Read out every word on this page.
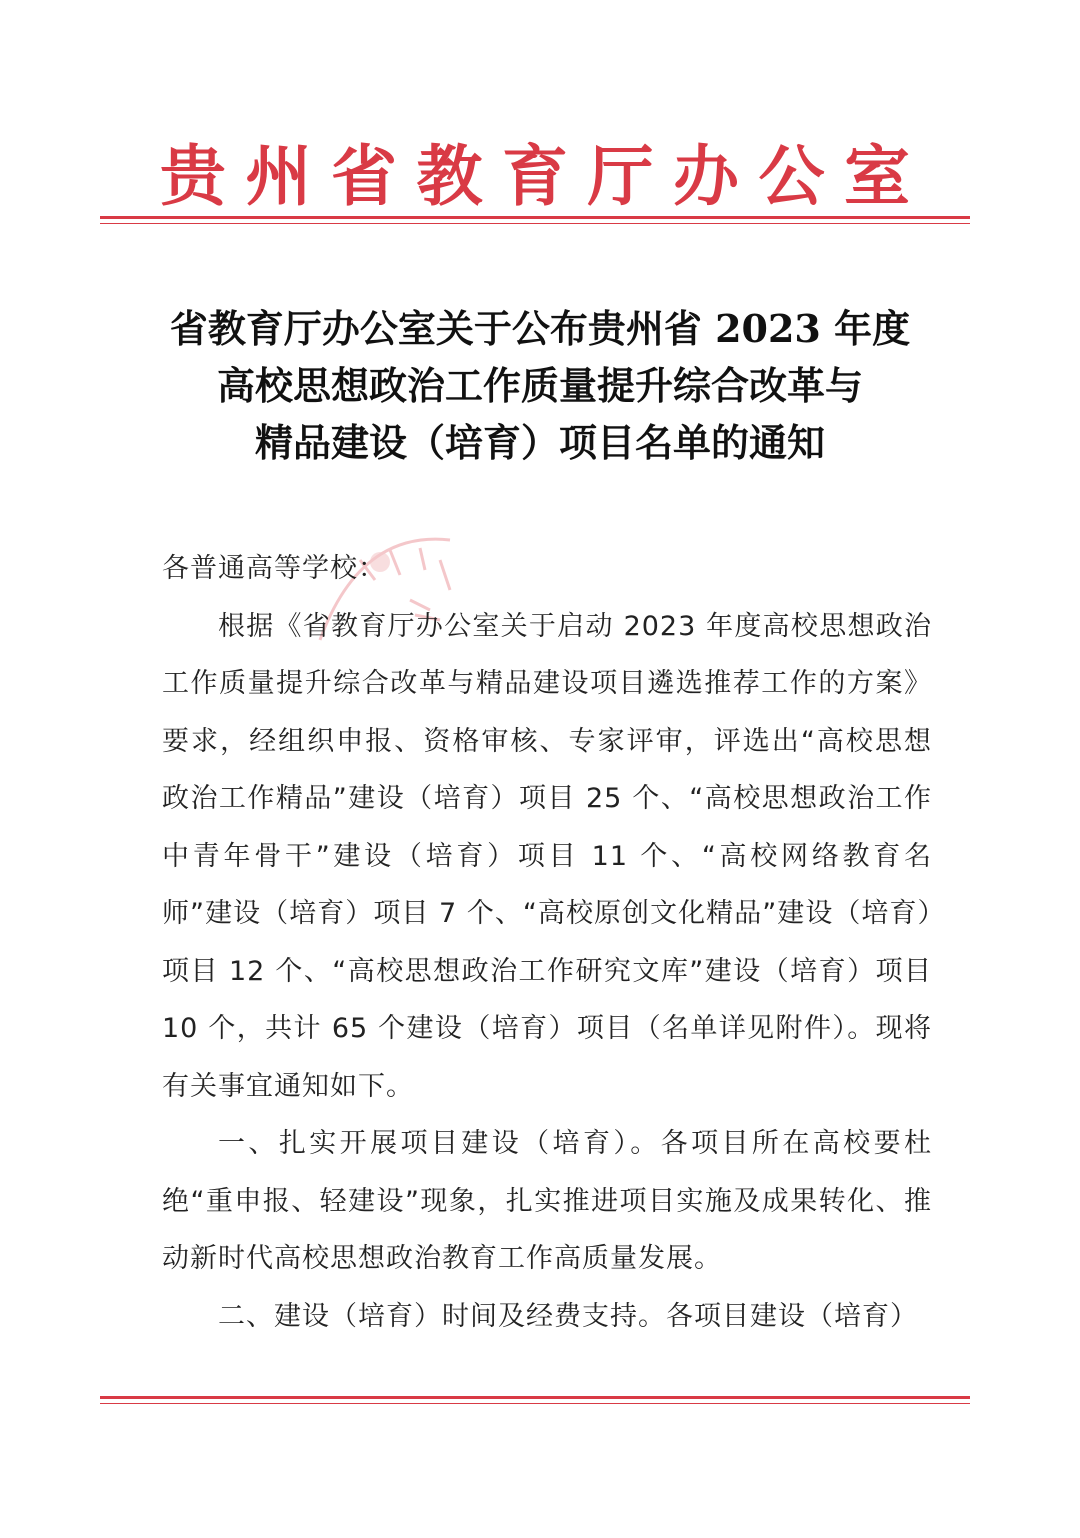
贵 州 省 教 育 厅 办 公 室
省教育厅办公室关于公布贵州省 2023 年度
高校思想政治工作质量提升综合改革与
精品建设（培育）项目名单的通知

各普通高等学校：

根据《省教育厅办公室关于启动 2023 年度高校思想政治工作质量提升综合改革与精品建设项目遴选推荐工作的方案》要求，经组织申报、资格审核、专家评审，评选出“高校思想政治工作精品”建设（培育）项目 25 个、“高校思想政治工作中青年骨干”建设（培育）项目 11 个、“高校网络教育名师”建设（培育）项目 7 个、“高校原创文化精品”建设（培育）项目 12 个、“高校思想政治工作研究文库”建设（培育）项目 10 个，共计 65 个建设（培育）项目（名单详见附件）。现将有关事宜通知如下。

一、扎实开展项目建设（培育）。各项目所在高校要杜绝“重申报、轻建设”现象，扎实推进项目实施及成果转化、推动新时代高校思想政治教育工作高质量发展。

二、建设（培育）时间及经费支持。各项目建设（培育）
